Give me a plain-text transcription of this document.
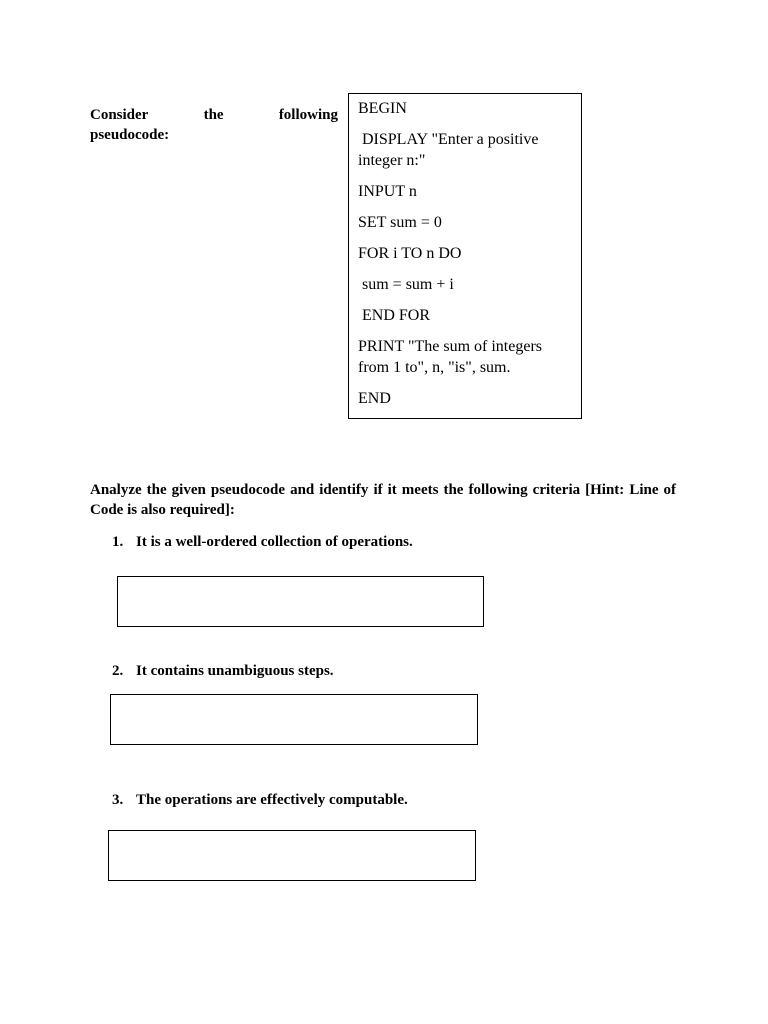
Consider	the	following
pseudocode:
BEGIN
DISPLAY "Enter a positive integer n:"
INPUT n
SET sum = 0
FOR i TO n DO
sum = sum + i
END FOR
PRINT "The sum of integers from 1 to", n, "is", sum.
END
Analyze the given pseudocode and identify if it meets the following criteria [Hint: Line of Code is also required]:
1. It is a well-ordered collection of operations.
2. It contains unambiguous steps.
3. The operations are effectively computable.
